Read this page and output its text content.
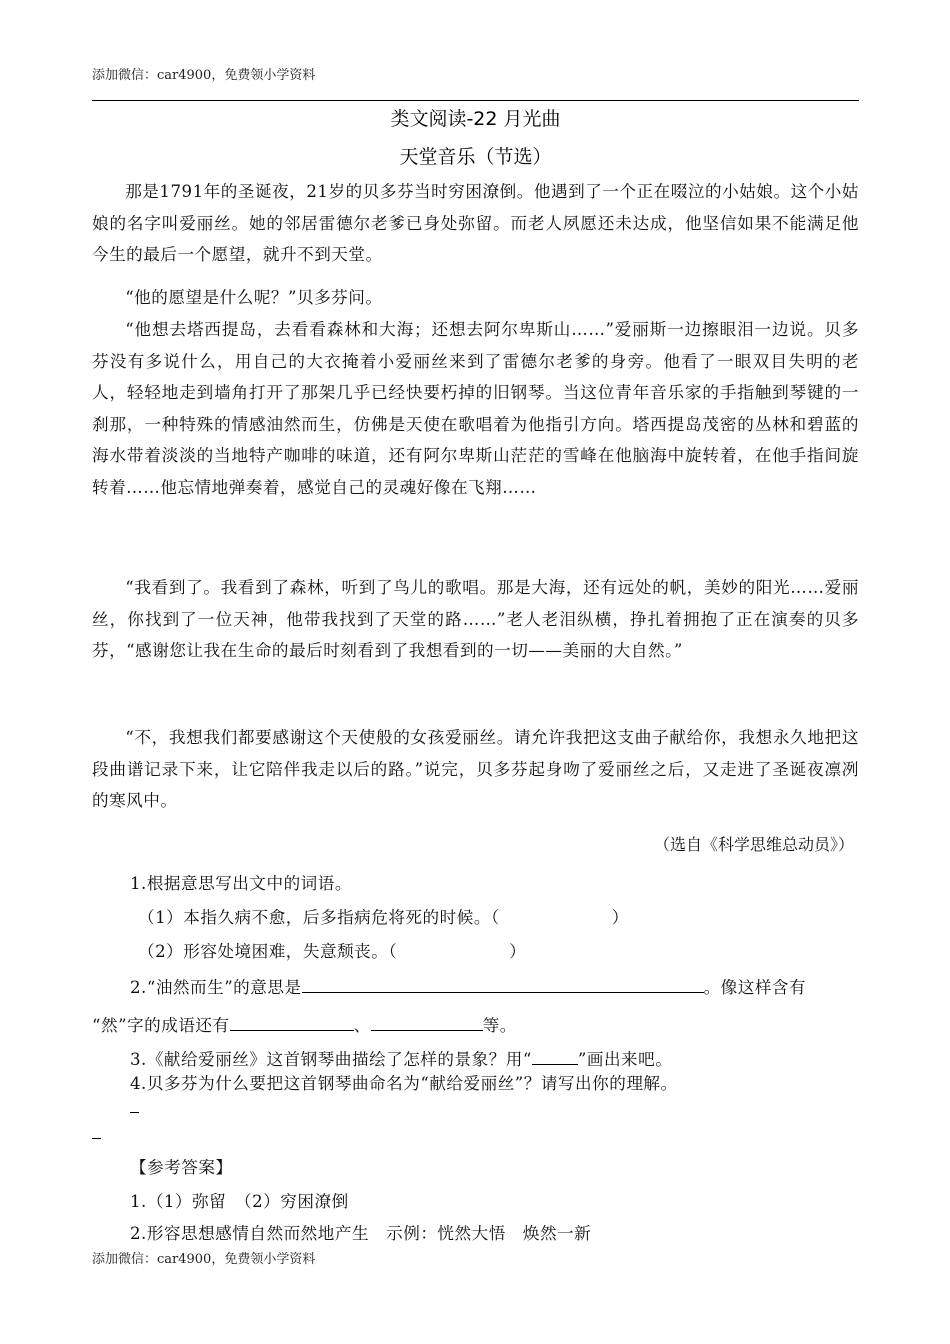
添加微信：car4900，免费领小学资料
类文阅读-22 月光曲
天堂音乐（节选）

那是1791年的圣诞夜，21岁的贝多芬当时穷困潦倒。他遇到了一个正在啜泣的小姑娘。这个小姑娘的名字叫爱丽丝。她的邻居雷德尔老爹已身处弥留。而老人夙愿还未达成，他坚信如果不能满足他今生的最后一个愿望，就升不到天堂。

“他的愿望是什么呢？”贝多芬问。

“他想去塔西提岛，去看看森林和大海；还想去阿尔卑斯山……”爱丽斯一边擦眼泪一边说。贝多芬没有多说什么，用自己的大衣掩着小爱丽丝来到了雷德尔老爹的身旁。他看了一眼双目失明的老人，轻轻地走到墙角打开了那架几乎已经快要朽掉的旧钢琴。当这位青年音乐家的手指触到琴键的一刹那，一种特殊的情感油然而生，仿佛是天使在歌唱着为他指引方向。塔西提岛茂密的丛林和碧蓝的海水带着淡淡的当地特产咖啡的味道，还有阿尔卑斯山茫茫的雪峰在他脑海中旋转着，在他手指间旋转着……他忘情地弹奏着，感觉自己的灵魂好像在飞翔……

“我看到了。我看到了森林，听到了鸟儿的歌唱。那是大海，还有远处的帆，美妙的阳光……爱丽丝，你找到了一位天神，他带我找到了天堂的路……”老人老泪纵横，挣扎着拥抱了正在演奏的贝多芬，“感谢您让我在生命的最后时刻看到了我想看到的一切——美丽的大自然。”

“不，我想我们都要感谢这个天使般的女孩爱丽丝。请允许我把这支曲子献给你，我想永久地把这段曲谱记录下来，让它陪伴我走以后的路。”说完，贝多芬起身吻了爱丽丝之后，又走进了圣诞夜凛冽的寒风中。

（选自《科学思维总动员》）
1.根据意思写出文中的词语。
（1）本指久病不愈，后多指病危将死的时候。（	）
（2）形容处境困难，失意颓丧。（	）
2.“油然而生”的意思是	。像这样含有
“然”字的成语还有	、	等。
3.《献给爱丽丝》这首钢琴曲描绘了怎样的景象？用“	”画出来吧。
4.贝多芬为什么要把这首钢琴曲命名为“献给爱丽丝”？请写出你的理解。
【参考答案】
1.（1）弥留　（2）穷困潦倒
2.形容思想感情自然而然地产生　示例：恍然大悟　焕然一新
添加微信：car4900，免费领小学资料
